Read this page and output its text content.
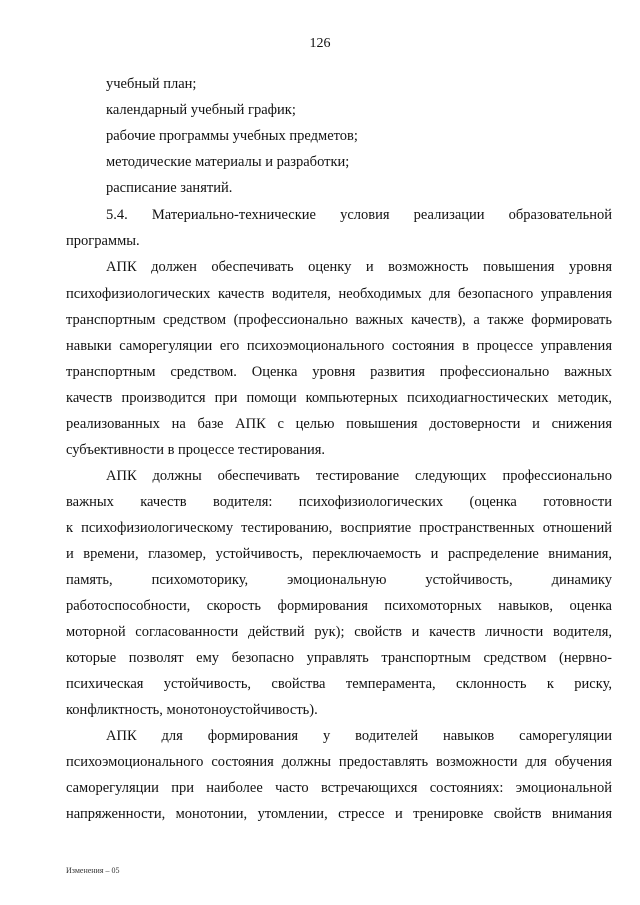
126
учебный план;
календарный учебный график;
рабочие программы учебных предметов;
методические материалы и разработки;
расписание занятий.
5.4.   Материально-технические   условия   реализации   образовательной
программы.
АПК должен обеспечивать оценку и возможность повышения уровня
психофизиологических качеств водителя, необходимых для безопасного управления
транспортным средством (профессионально важных качеств), а также формировать
навыки саморегуляции его психоэмоционального состояния в процессе управления
транспортным средством. Оценка уровня развития профессионально важных
качеств производится при помощи компьютерных психодиагностических методик,
реализованных на базе АПК с целью повышения достоверности и снижения
субъективности в процессе тестирования.
АПК должны обеспечивать тестирование следующих профессионально
важных качеств водителя: психофизиологических (оценка готовности
к психофизиологическому тестированию, восприятие пространственных отношений
и времени, глазомер, устойчивость, переключаемость и распределение внимания,
память, психомоторику, эмоциональную устойчивость, динамику
работоспособности, скорость формирования психомоторных навыков, оценка
моторной согласованности действий рук); свойств и качеств личности водителя,
которые позволят ему безопасно управлять транспортным средством (нервно-
психическая устойчивость, свойства темперамента, склонность к риску,
конфликтность, монотоноустойчивость).
АПК для формирования у водителей навыков саморегуляции
психоэмоционального состояния должны предоставлять возможности для обучения
саморегуляции при наиболее часто встречающихся состояниях: эмоциональной
напряженности, монотонии, утомлении, стрессе и тренировке свойств внимания
Изменения – 05
